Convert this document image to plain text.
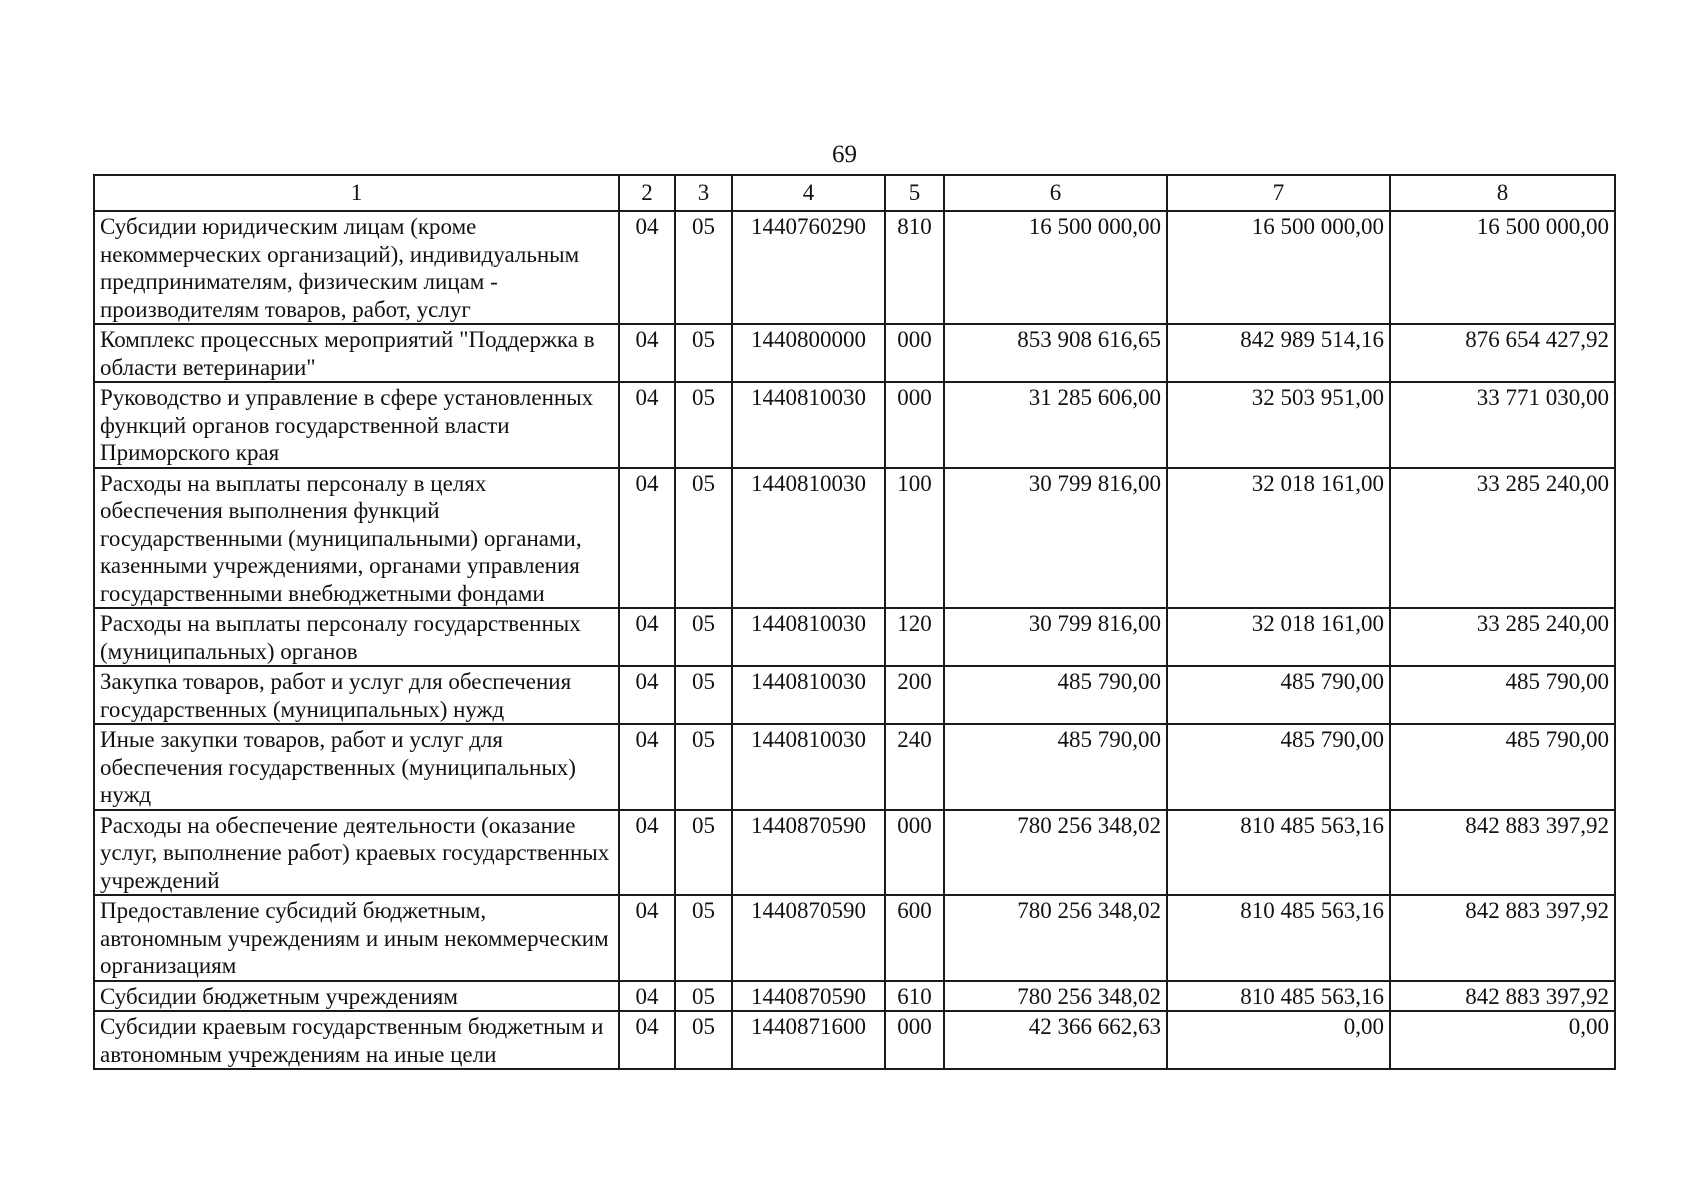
69
1	2	3	4	5	6	7	8
Субсидии юридическим лицам (кроме некоммерческих организаций), индивидуальным предпринимателям, физическим лицам - производителям товаров, работ, услуг	04	05	1440760290	810	16 500 000,00	16 500 000,00	16 500 000,00
Комплекс процессных мероприятий "Поддержка в области ветеринарии"	04	05	1440800000	000	853 908 616,65	842 989 514,16	876 654 427,92
Руководство и управление в сфере установленных функций органов государственной власти Приморского края	04	05	1440810030	000	31 285 606,00	32 503 951,00	33 771 030,00
Расходы на выплаты персоналу в целях обеспечения выполнения функций государственными (муниципальными) органами, казенными учреждениями, органами управления государственными внебюджетными фондами	04	05	1440810030	100	30 799 816,00	32 018 161,00	33 285 240,00
Расходы на выплаты персоналу государственных (муниципальных) органов	04	05	1440810030	120	30 799 816,00	32 018 161,00	33 285 240,00
Закупка товаров, работ и услуг для обеспечения государственных (муниципальных) нужд	04	05	1440810030	200	485 790,00	485 790,00	485 790,00
Иные закупки товаров, работ и услуг для обеспечения государственных (муниципальных) нужд	04	05	1440810030	240	485 790,00	485 790,00	485 790,00
Расходы на обеспечение деятельности (оказание услуг, выполнение работ) краевых государственных учреждений	04	05	1440870590	000	780 256 348,02	810 485 563,16	842 883 397,92
Предоставление субсидий бюджетным, автономным учреждениям и иным некоммерческим организациям	04	05	1440870590	600	780 256 348,02	810 485 563,16	842 883 397,92
Субсидии бюджетным учреждениям	04	05	1440870590	610	780 256 348,02	810 485 563,16	842 883 397,92
Субсидии краевым государственным бюджетным и автономным учреждениям на иные цели	04	05	1440871600	000	42 366 662,63	0,00	0,00
